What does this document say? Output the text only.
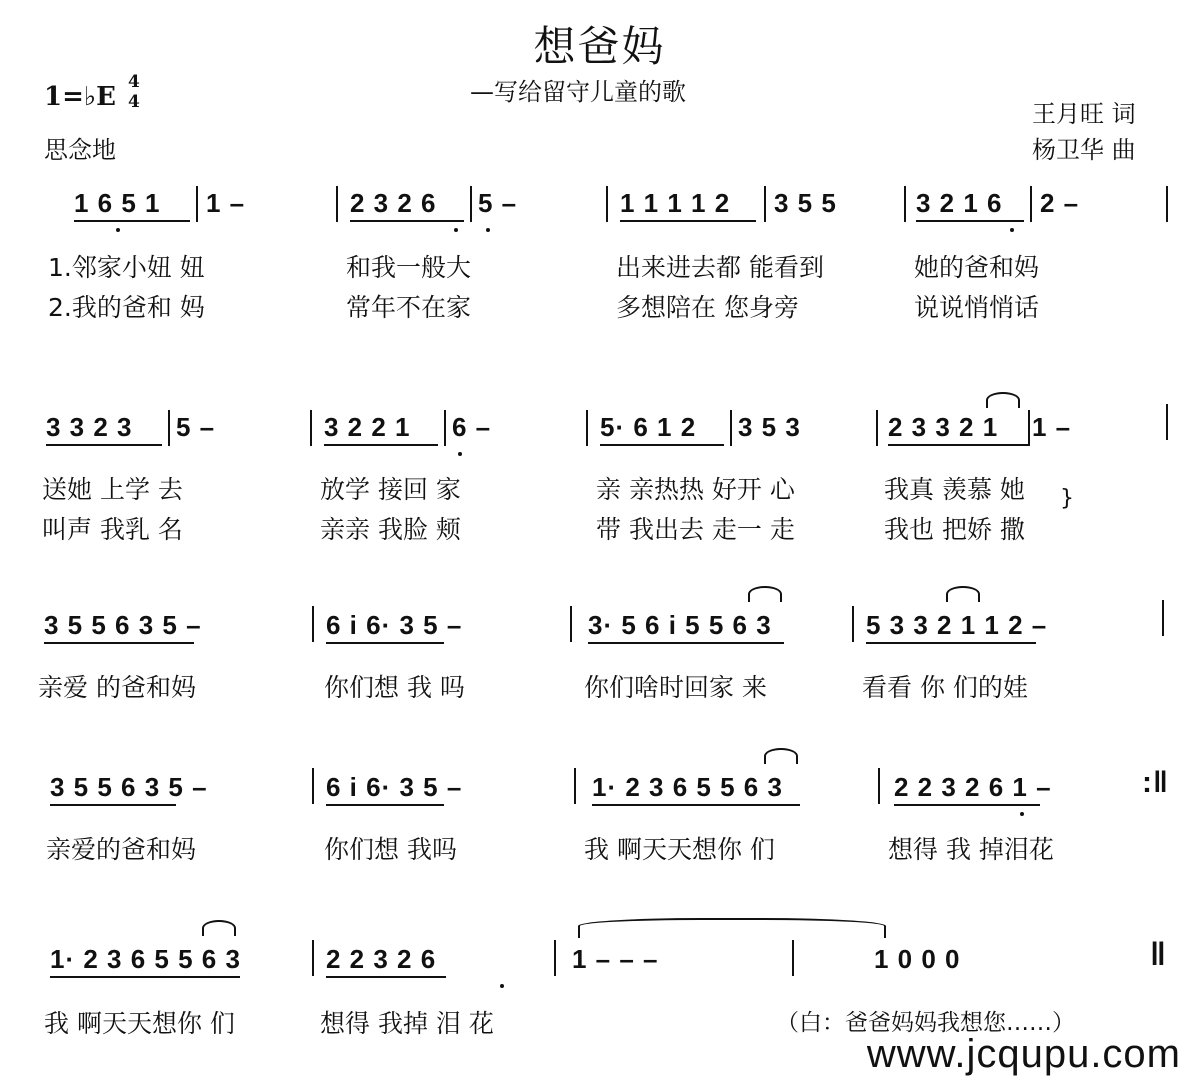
想爸妈
—写给留守儿童的歌
1=♭E 4
4
思念地
王月旺 词
杨卫华 曲
1 6 5 1 1 –	2 3 2 6 5 –	1 1 1 1 2 3 5 5	3 2 1 6 2 –
1.邻家小妞 妞	和我一般大	出来进去都 能看到	她的爸和妈
2.我的爸和 妈	常年不在家	多想陪在 您身旁	说说悄悄话
3 3 2 3 5 –	3 2 2 1 6 –	5· 6 1 2 3 5 3	2 3 3 2 1 1 –
送她 上学 去	放学 接回 家	亲 亲热热 好开 心	我真 羡慕 她
叫声 我乳 名	亲亲 我脸 颊	带 我出去 走一 走	我也 把娇 撒
}
3 5 5 6 3 5 –	6 i 6· 3 5 –	3· 5 6 i 5 5 6 3	5 3 3 2 1 1 2 –
亲爱 的爸和妈	你们想 我 吗	你们啥时回家 来	看看 你 们的娃
3 5 5 6 3 5 –	6 i 6· 3 5 –	1· 2 3 6 5 5 6 3	2 2 3 2 6 1 –	:‖
亲爱的爸和妈	你们想 我吗	我 啊天天想你 们	想得 我 掉泪花
1· 2 3 6 5 5 6 3	2 2 3 2 6	1 – – –	1 0 0 0	‖
我 啊天天想你 们	想得 我掉 泪 花	（白：爸爸妈妈我想您……）
www.jcqupu.com
